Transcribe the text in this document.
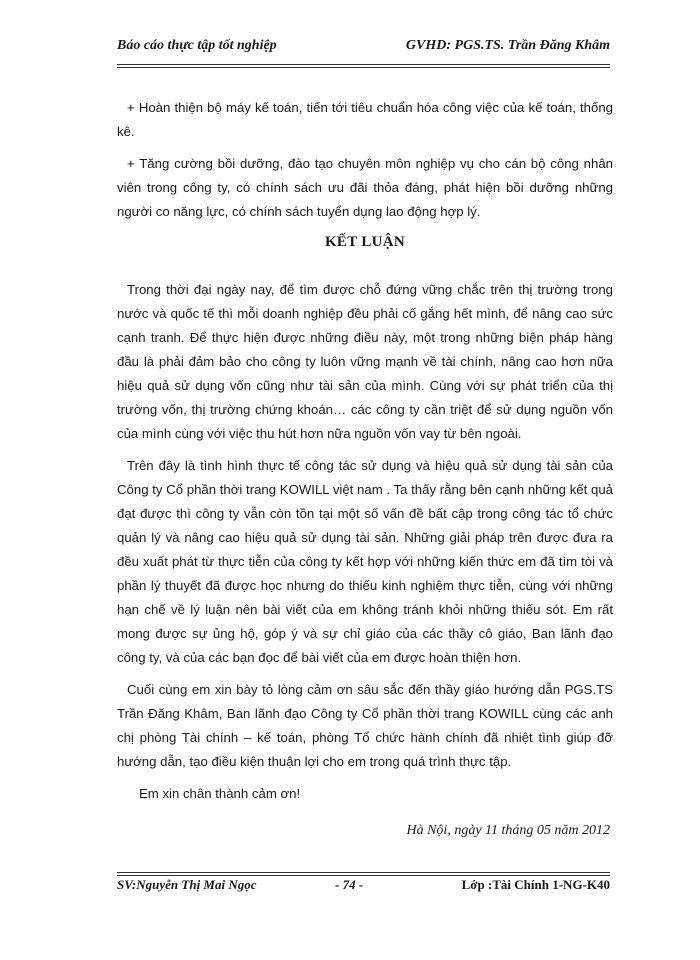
Báo cáo thực tập tốt nghiệp	GVHD: PGS.TS. Trần Đăng Khâm

+ Hoàn thiện bộ máy kế toán, tiến tới tiêu chuẩn hóa công việc của kế toán, thống kê.

+ Tăng cường bồi dưỡng, đào tạo chuyên môn nghiệp vụ cho cán bộ công nhân viên trong công ty, có chính sách ưu đãi thỏa đáng, phát hiện bồi dưỡng những người co năng lực, có chính sách tuyển dụng lao động hợp lý.

KẾT LUẬN

Trong thời đại ngày nay, để tìm được chỗ đứng vững chắc trên thị trường trong nước và quốc tế thì mỗi doanh nghiệp đều phải cố gắng hết mình, để nâng cao sức cạnh tranh. Để thực hiện được những điều này, một trong những biện pháp hàng đầu là phải đảm bảo cho công ty luôn vững mạnh về tài chính, nâng cao hơn nữa hiệu quả sử dụng vốn cũng như tài sản của mình. Cùng với sự phát triển của thị trường vốn, thị trường chứng khoán… các công ty cần triệt để sử dụng nguồn vốn của mình cùng với việc thu hút hơn nữa nguồn vốn vay từ bên ngoài.

Trên đây là tình hình thực tế công tác sử dụng và hiệu quả sử dụng tài sản của Công ty Cổ phần thời trang KOWILL việt nam . Ta thấy rằng bên cạnh những kết quả đạt được thì công ty vẫn còn tồn tại một số vấn đề bất cập trong công tác tổ chức quản lý và nâng cao hiệu quả sử dụng tài sản. Những giải pháp trên được đưa ra đều xuất phát từ thực tiễn của công ty kết hợp với những kiến thức em đã tìm tòi và phần lý thuyết đã được học nhưng do thiếu kinh nghiệm thực tiễn, cùng với những hạn chế về lý luận nên bài viết của em không tránh khỏi những thiếu sót. Em rất mong được sự ủng hộ, góp ý và sự chỉ giáo của các thầy cô giáo, Ban lãnh đạo công ty, và của các bạn đọc để bài viết của em được hoàn thiện hơn.

Cuối cùng em xin bày tỏ lòng cảm ơn sâu sắc đến thầy giáo hướng dẫn PGS.TS Trần Đăng Khâm, Ban lãnh đạo Công ty Cổ phần thời trang KOWILL cùng các anh chị phòng Tài chính – kế toán, phòng Tổ chức hành chính đã nhiệt tình giúp đỡ hướng dẫn, tạo điều kiện thuận lợi cho em trong quá trình thực tập.

Em xin chân thành cảm ơn!

Hà Nội, ngày 11 tháng 05 năm 2012
SV:Nguyễn Thị Mai Ngọc	- 74 -	Lớp :Tài Chính 1-NG-K40
